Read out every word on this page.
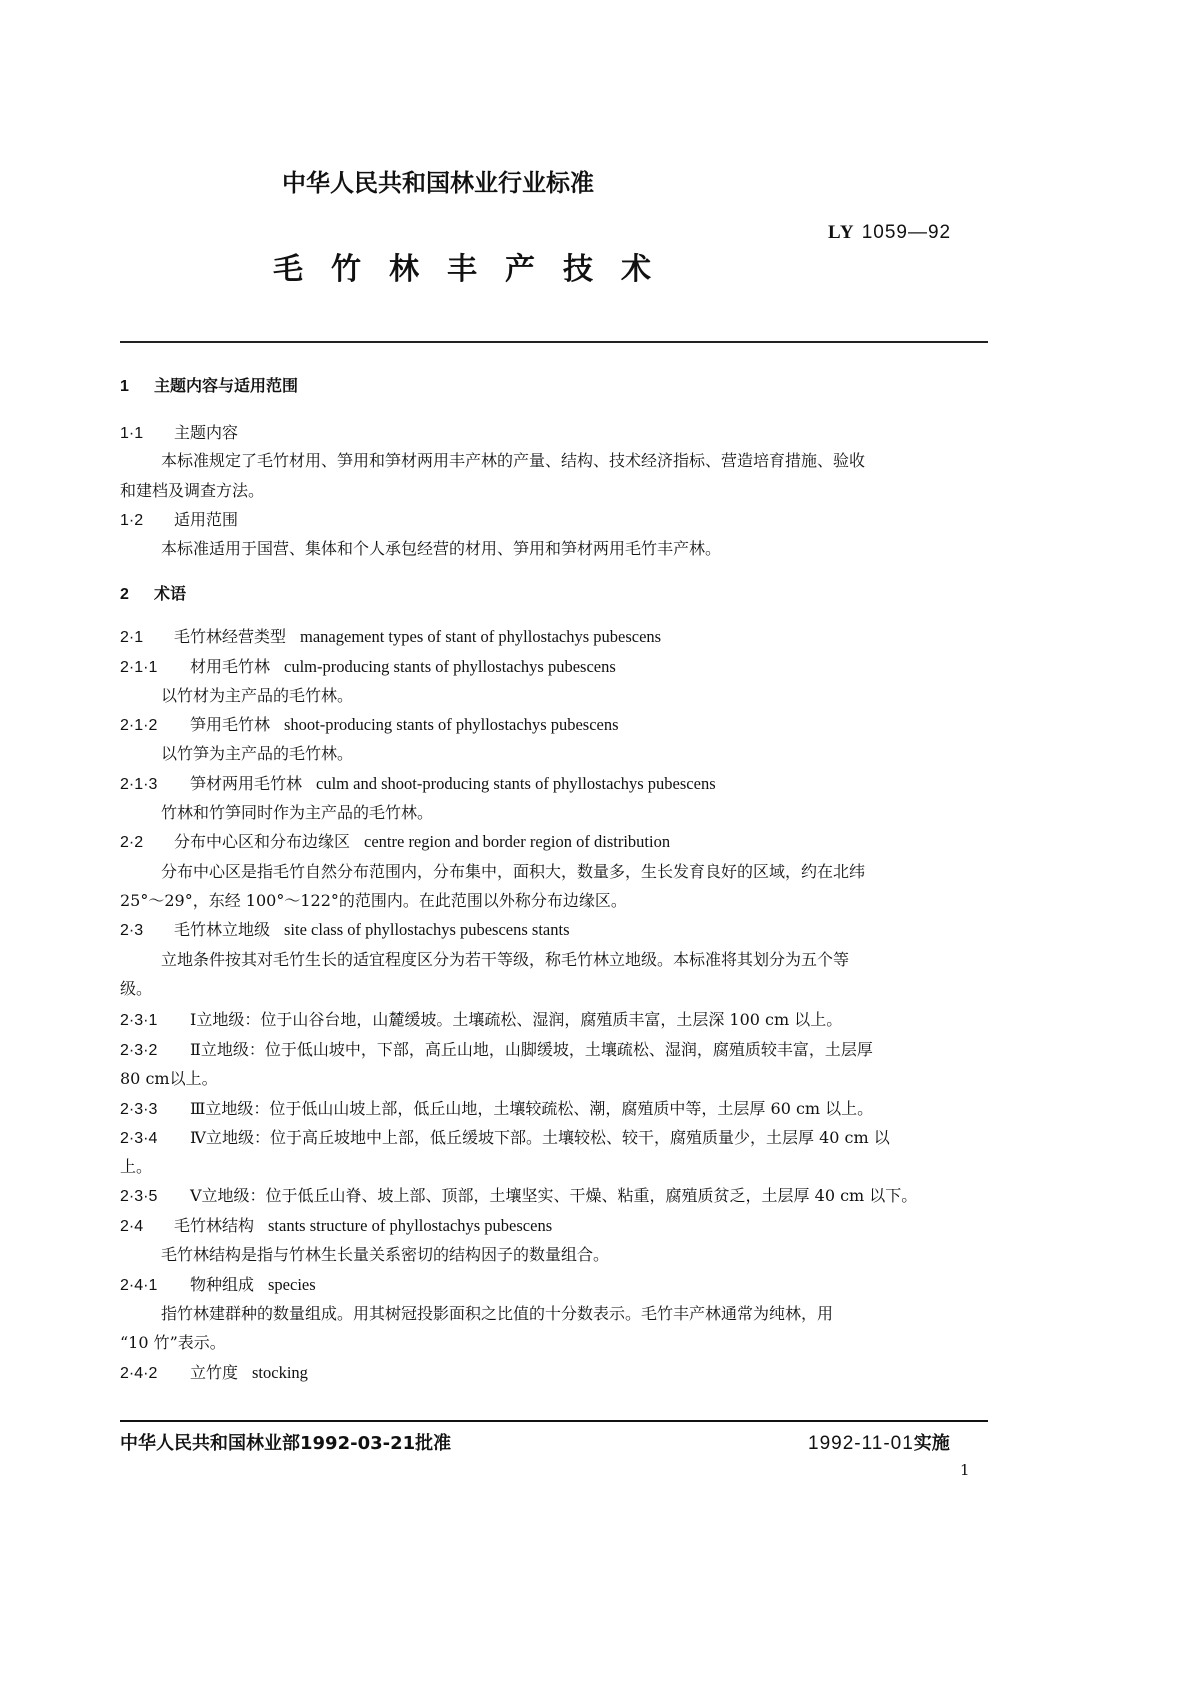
中华人民共和国林业行业标准
LY 1059—92
毛竹林丰产技术
1 主题内容与适用范围
1·1 主题内容
本标准规定了毛竹材用、笋用和笋材两用丰产林的产量、结构、技术经济指标、营造培育措施、验收
和建档及调查方法。
1·2 适用范围
本标准适用于国营、集体和个人承包经营的材用、笋用和笋材两用毛竹丰产林。
2 术语
2·1 毛竹林经营类型 management types of stant of phyllostachys pubescens
2·1·1 材用毛竹林 culm-producing stants of phyllostachys pubescens
以竹材为主产品的毛竹林。
2·1·2 笋用毛竹林 shoot-producing stants of phyllostachys pubescens
以竹笋为主产品的毛竹林。
2·1·3 笋材两用毛竹林 culm and shoot-producing stants of phyllostachys pubescens
竹林和竹笋同时作为主产品的毛竹林。
2·2 分布中心区和分布边缘区 centre region and border region of distribution
分布中心区是指毛竹自然分布范围内，分布集中，面积大，数量多，生长发育良好的区域，约在北纬
25°～29°，东经 100°～122°的范围内。在此范围以外称分布边缘区。
2·3 毛竹林立地级 site class of phyllostachys pubescens stants
立地条件按其对毛竹生长的适宜程度区分为若干等级，称毛竹林立地级。本标准将其划分为五个等
级。
2·3·1 Ⅰ立地级：位于山谷台地，山麓缓坡。土壤疏松、湿润，腐殖质丰富，土层深 100 cm 以上。
2·3·2 Ⅱ立地级：位于低山坡中，下部，高丘山地，山脚缓坡，土壤疏松、湿润，腐殖质较丰富，土层厚
80 cm以上。
2·3·3 Ⅲ立地级：位于低山山坡上部，低丘山地，土壤较疏松、潮，腐殖质中等，土层厚 60 cm 以上。
2·3·4 Ⅳ立地级：位于高丘坡地中上部，低丘缓坡下部。土壤较松、较干，腐殖质量少，土层厚 40 cm 以
上。
2·3·5 Ⅴ立地级：位于低丘山脊、坡上部、顶部，土壤坚实、干燥、粘重，腐殖质贫乏，土层厚 40 cm 以下。
2·4 毛竹林结构 stants structure of phyllostachys pubescens
毛竹林结构是指与竹林生长量关系密切的结构因子的数量组合。
2·4·1 物种组成 species
指竹林建群种的数量组成。用其树冠投影面积之比值的十分数表示。毛竹丰产林通常为纯林，用
“10 竹”表示。
2·4·2 立竹度 stocking
中华人民共和国林业部1992-03-21批准	1992-11-01实施
1
